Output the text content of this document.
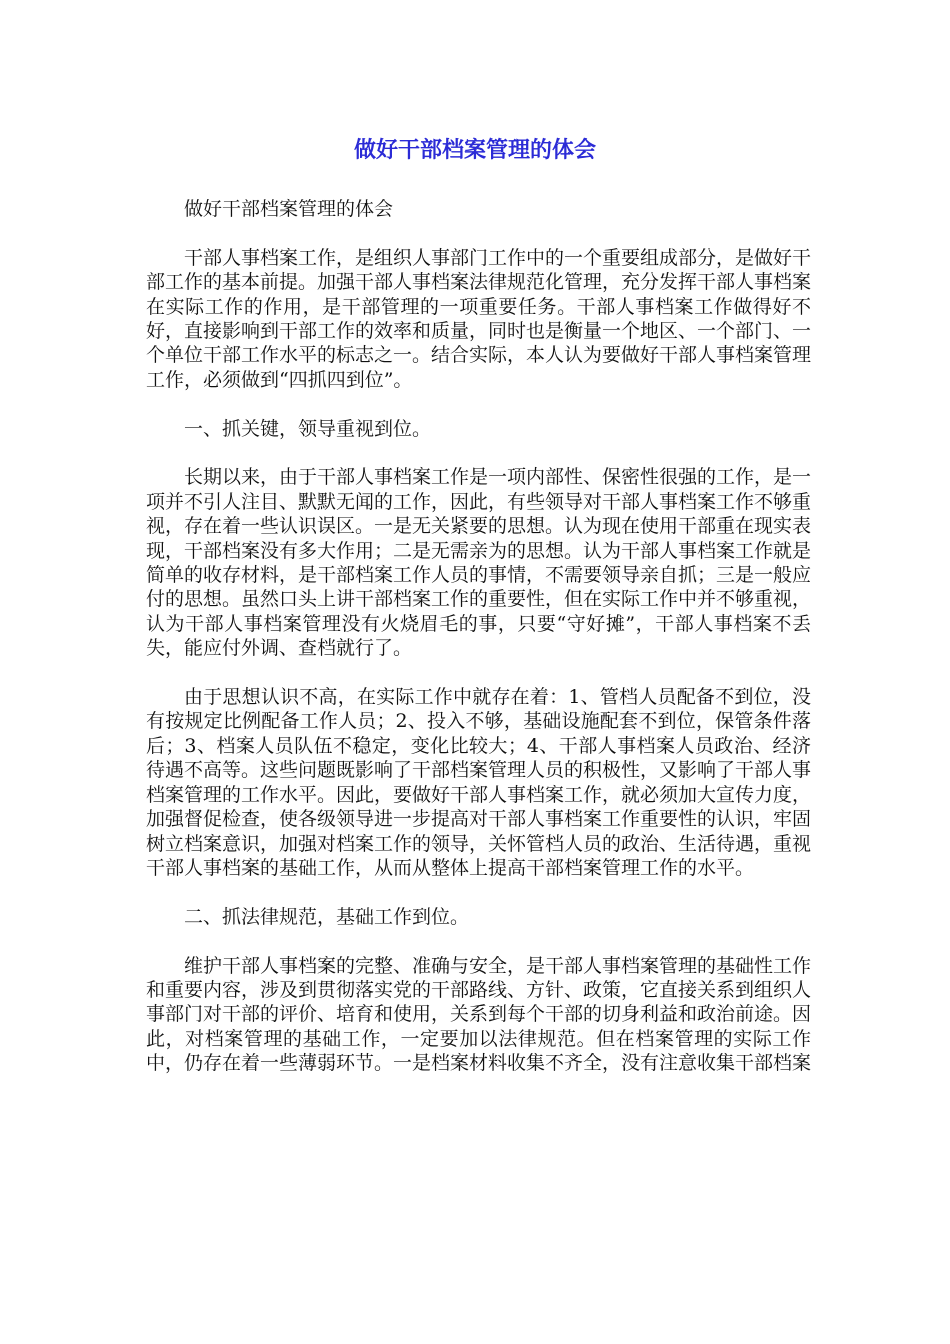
做好干部档案管理的体会

做好干部档案管理的体会

干部人事档案工作，是组织人事部门工作中的一个重要组成部分，是做好干部工作的基本前提。加强干部人事档案法律规范化管理，充分发挥干部人事档案在实际工作的作用，是干部管理的一项重要任务。干部人事档案工作做得好不好，直接影响到干部工作的效率和质量，同时也是衡量一个地区、一个部门、一个单位干部工作水平的标志之一。结合实际，本人认为要做好干部人事档案管理工作，必须做到“四抓四到位”。

一、抓关键，领导重视到位。

长期以来，由于干部人事档案工作是一项内部性、保密性很强的工作，是一项并不引人注目、默默无闻的工作，因此，有些领导对干部人事档案工作不够重视，存在着一些认识误区。一是无关紧要的思想。认为现在使用干部重在现实表现，干部档案没有多大作用；二是无需亲为的思想。认为干部人事档案工作就是简单的收存材料，是干部档案工作人员的事情，不需要领导亲自抓；三是一般应付的思想。虽然口头上讲干部档案工作的重要性，但在实际工作中并不够重视，认为干部人事档案管理没有火烧眉毛的事，只要“守好摊”，干部人事档案不丢失，能应付外调、查档就行了。

由于思想认识不高，在实际工作中就存在着：1、管档人员配备不到位，没有按规定比例配备工作人员；2、投入不够，基础设施配套不到位，保管条件落后；3、档案人员队伍不稳定，变化比较大；4、干部人事档案人员政治、经济待遇不高等。这些问题既影响了干部档案管理人员的积极性，又影响了干部人事档案管理的工作水平。因此，要做好干部人事档案工作，就必须加大宣传力度，加强督促检查，使各级领导进一步提高对干部人事档案工作重要性的认识，牢固树立档案意识，加强对档案工作的领导，关怀管档人员的政治、生活待遇，重视干部人事档案的基础工作，从而从整体上提高干部档案管理工作的水平。

二、抓法律规范，基础工作到位。

维护干部人事档案的完整、准确与安全，是干部人事档案管理的基础性工作和重要内容，涉及到贯彻落实党的干部路线、方针、政策，它直接关系到组织人事部门对干部的评价、培育和使用，关系到每个干部的切身利益和政治前途。因此，对档案管理的基础工作，一定要加以法律规范。但在档案管理的实际工作中，仍存在着一些薄弱环节。一是档案材料收集不齐全，没有注意收集干部档案
